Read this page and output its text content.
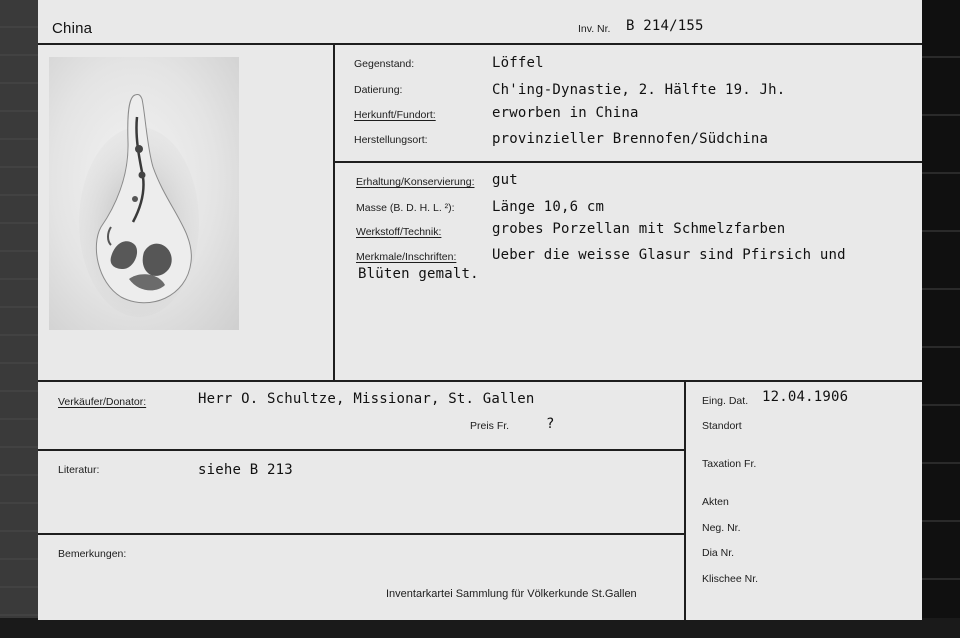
China	Inv. Nr. B 214/155
Gegenstand:	Löffel
Datierung:	Ch'ing-Dynastie, 2. Hälfte 19. Jh.
Herkunft/Fundort:	erworben in China
Herstellungsort:	provinzieller Brennofen/Südchina
Erhaltung/Konservierung: gut
Masse (B. D. H. L. ²):	Länge 10,6 cm
Werkstoff/Technik:	grobes Porzellan mit Schmelzfarben
Merkmale/Inschriften:	Ueber die weisse Glasur sind Pfirsich und
Blüten gemalt.
Verkäufer/Donator:	Herr O. Schultze, Missionar, St. Gallen
Preis Fr.	?
Literatur:	siehe B 213
Bemerkungen:
Inventarkartei Sammlung für Völkerkunde St.Gallen
Eing. Dat. 12.04.1906
Standort
Taxation Fr.
Akten
Neg. Nr.
Dia Nr.
Klischee Nr.
